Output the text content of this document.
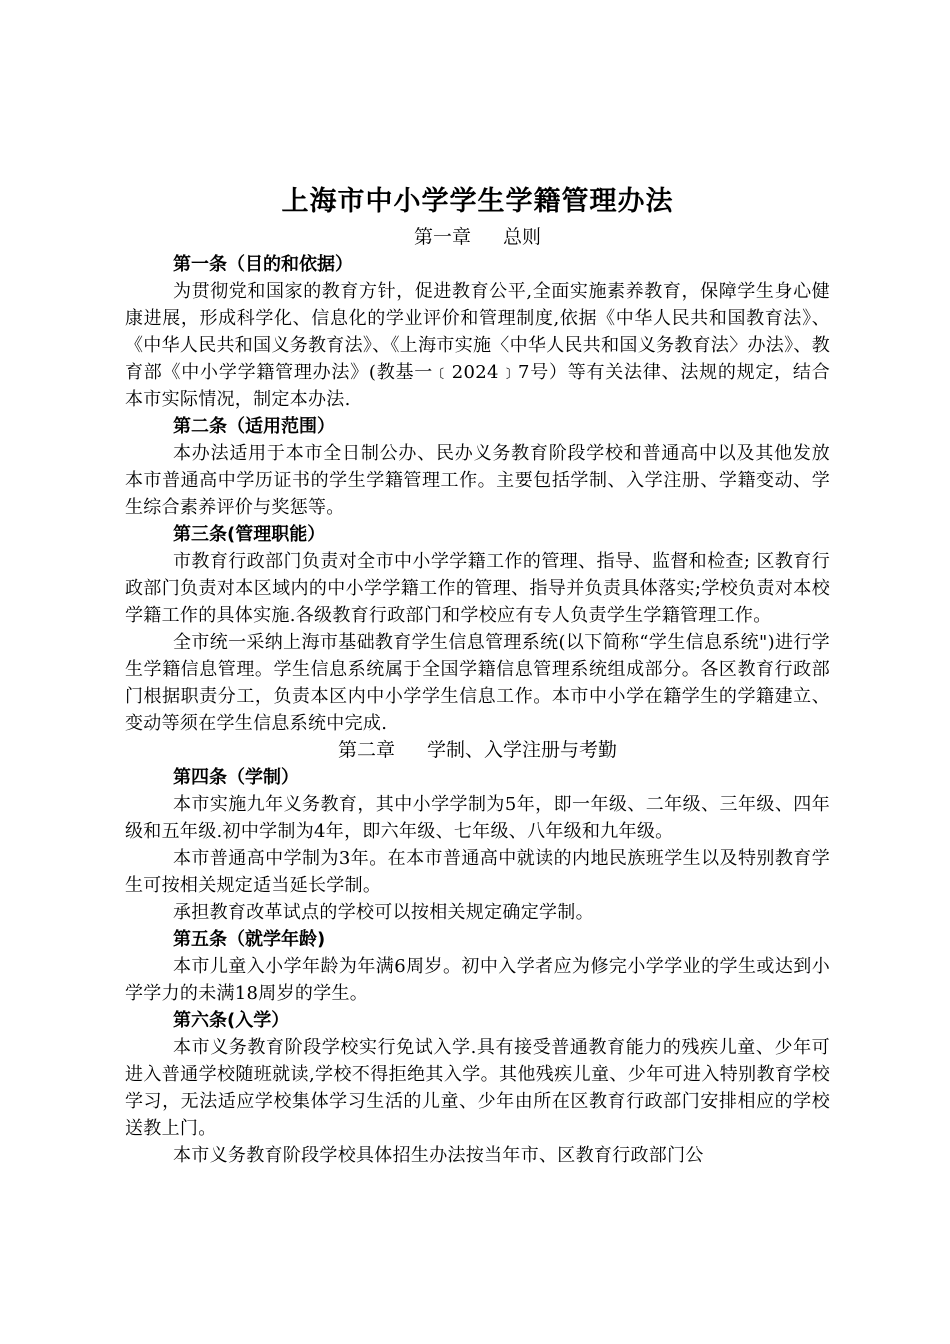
上海市中小学学生学籍管理办法
第一章 总则
第一条（目的和依据）

为贯彻党和国家的教育方针，促进教育公平,全面实施素养教育，保障学生身心健康进展，形成科学化、信息化的学业评价和管理制度,依据《中华人民共和国教育法》、《中华人民共和国义务教育法》、《上海市实施〈中华人民共和国义务教育法〉办法》、教育部《中小学学籍管理办法》(教基一﹝2024﹞7号）等有关法律、法规的规定，结合本市实际情况，制定本办法.

第二条（适用范围）

本办法适用于本市全日制公办、民办义务教育阶段学校和普通高中以及其他发放本市普通高中学历证书的学生学籍管理工作。主要包括学制、入学注册、学籍变动、学生综合素养评价与奖惩等。

第三条(管理职能）

市教育行政部门负责对全市中小学学籍工作的管理、指导、监督和检查; 区教育行政部门负责对本区域内的中小学学籍工作的管理、指导并负责具体落实;学校负责对本校学籍工作的具体实施.各级教育行政部门和学校应有专人负责学生学籍管理工作。

全市统一采纳上海市基础教育学生信息管理系统(以下简称“学生信息系统")进行学生学籍信息管理。学生信息系统属于全国学籍信息管理系统组成部分。各区教育行政部门根据职责分工，负责本区内中小学学生信息工作。本市中小学在籍学生的学籍建立、变动等须在学生信息系统中完成.

第二章 学制、入学注册与考勤
第四条（学制）

本市实施九年义务教育，其中小学学制为5年，即一年级、二年级、三年级、四年级和五年级.初中学制为4年，即六年级、七年级、八年级和九年级。

本市普通高中学制为3年。在本市普通高中就读的内地民族班学生以及特别教育学生可按相关规定适当延长学制。

承担教育改革试点的学校可以按相关规定确定学制。

第五条（就学年龄)

本市儿童入小学年龄为年满6周岁。初中入学者应为修完小学学业的学生或达到小学学力的未满18周岁的学生。

第六条(入学）

本市义务教育阶段学校实行免试入学.具有接受普通教育能力的残疾儿童、少年可进入普通学校随班就读,学校不得拒绝其入学。其他残疾儿童、少年可进入特别教育学校学习，无法适应学校集体学习生活的儿童、少年由所在区教育行政部门安排相应的学校送教上门。

本市义务教育阶段学校具体招生办法按当年市、区教育行政部门公
